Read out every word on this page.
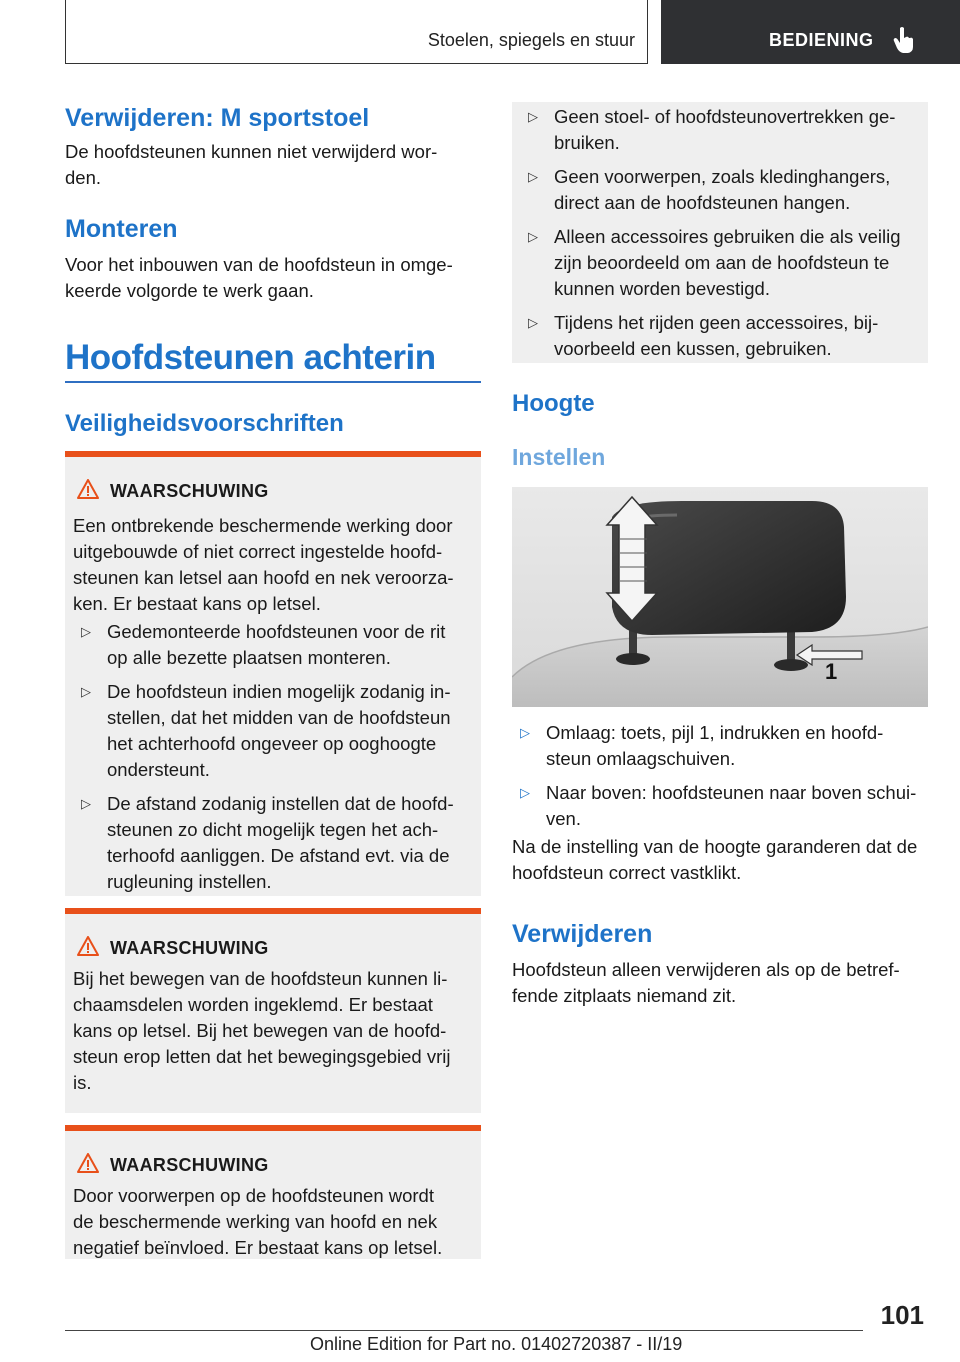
Stoelen, spiegels en stuur	BEDIENING
Verwijderen: M sportstoel
De hoofdsteunen kunnen niet verwijderd wor-
den.
Monteren
Voor het inbouwen van de hoofdsteun in omge-
keerde volgorde te werk gaan.
Hoofdsteunen achterin
Veiligheidsvoorschriften
WAARSCHUWING
Een ontbrekende beschermende werking door
uitgebouwde of niet correct ingestelde hoofd-
steunen kan letsel aan hoofd en nek veroorza-
ken. Er bestaat kans op letsel.
▷ Gedemonteerde hoofdsteunen voor de rit
op alle bezette plaatsen monteren.
▷ De hoofdsteun indien mogelijk zodanig in-
stellen, dat het midden van de hoofdsteun
het achterhoofd ongeveer op ooghoogte
ondersteunt.
▷ De afstand zodanig instellen dat de hoofd-
steunen zo dicht mogelijk tegen het ach-
terhoofd aanliggen. De afstand evt. via de
rugleuning instellen.
WAARSCHUWING
Bij het bewegen van de hoofdsteun kunnen li-
chaamsdelen worden ingeklemd. Er bestaat
kans op letsel. Bij het bewegen van de hoofd-
steun erop letten dat het bewegingsgebied vrij
is.
WAARSCHUWING
Door voorwerpen op de hoofdsteunen wordt
de beschermende werking van hoofd en nek
negatief beïnvloed. Er bestaat kans op letsel.
▷ Geen stoel- of hoofdsteunovertrekken ge-
bruiken.
▷ Geen voorwerpen, zoals kledinghangers,
direct aan de hoofdsteunen hangen.
▷ Alleen accessoires gebruiken die als veilig
zijn beoordeeld om aan de hoofdsteun te
kunnen worden bevestigd.
▷ Tijdens het rijden geen accessoires, bij-
voorbeeld een kussen, gebruiken.
Hoogte
Instellen
1
▷ Omlaag: toets, pijl 1, indrukken en hoofd-
steun omlaagschuiven.
▷ Naar boven: hoofdsteunen naar boven schui-
ven.
Na de instelling van de hoogte garanderen dat de
hoofdsteun correct vastklikt.
Verwijderen
Hoofdsteun alleen verwijderen als op de betref-
fende zitplaats niemand zit.
101
Online Edition for Part no. 01402720387 - II/19
